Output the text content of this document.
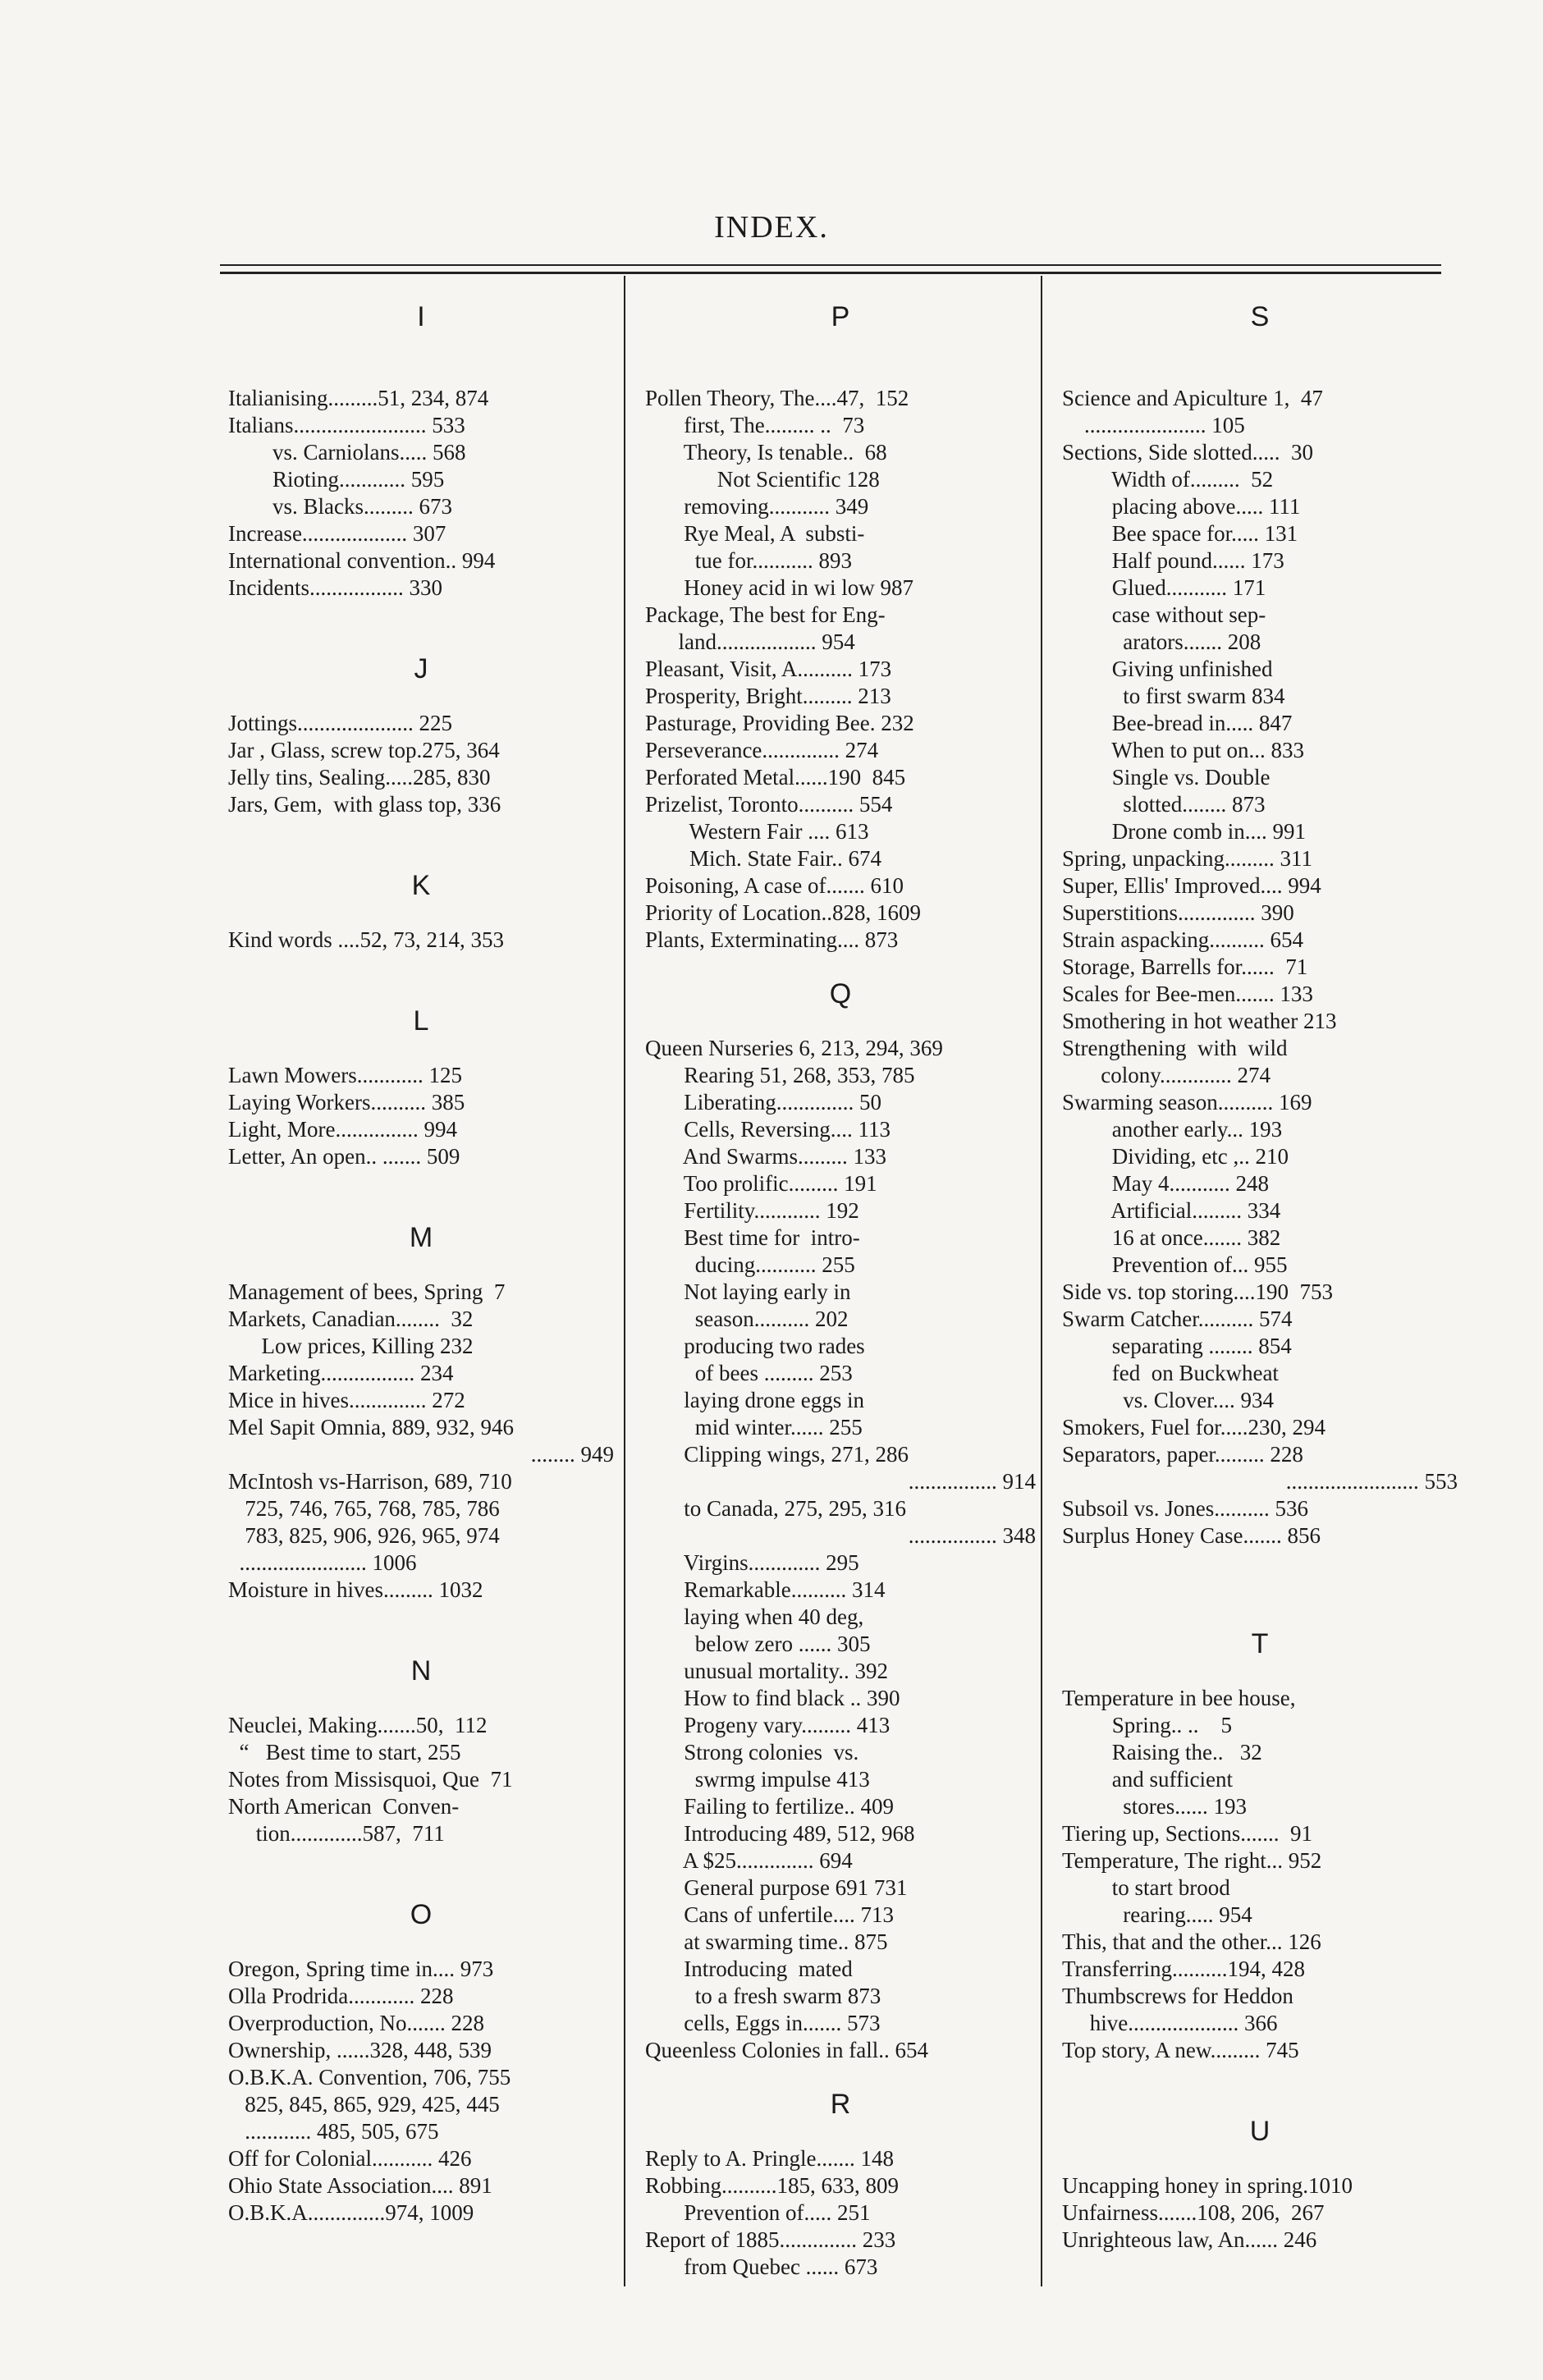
INDEX.
I
Italianising.........51, 234, 874
Italians........................ 533
vs. Carniolans..... 568
Rioting............ 595
vs. Blacks......... 673
Increase................... 307
International convention.. 994
Incidents................. 330
J
Jottings..................... 225
Jar , Glass, screw top.275, 364
Jelly tins, Sealing.....285, 830
Jars, Gem,  with glass top, 336
K
Kind words ....52, 73, 214, 353
L
Lawn Mowers............ 125
Laying Workers.......... 385
Light, More............... 994
Letter, An open.. ....... 509
M
Management of bees, Spring  7
Markets, Canadian........  32
Low prices, Killing 232
Marketing................. 234
Mice in hives.............. 272
Mel Sapit Omnia, 889, 932, 946
........ 949
McIntosh vs-Harrison, 689, 710
725, 746, 765, 768, 785, 786
783, 825, 906, 926, 965, 974
....................... 1006
Moisture in hives......... 1032
N
Neuclei, Making.......50,  112
“   Best time to start, 255
Notes from Missisquoi, Que  71
North American  Conven-
tion.............587,  711
O
Oregon, Spring time in.... 973
Olla Prodrida............ 228
Overproduction, No....... 228
Ownership, ......328, 448, 539
O.B.K.A. Convention, 706, 755
825, 845, 865, 929, 425, 445
............ 485, 505, 675
Off for Colonial........... 426
Ohio State Association.... 891
O.B.K.A..............974, 1009
P
Pollen Theory, The....47,  152
first, The......... ..  73
Theory, Is tenable..  68
Not Scientific 128
removing........... 349
Rye Meal, A  substi-
tue for........... 893
Honey acid in wi low 987
Package, The best for Eng-
land.................. 954
Pleasant, Visit, A.......... 173
Prosperity, Bright......... 213
Pasturage, Providing Bee. 232
Perseverance.............. 274
Perforated Metal......190  845
Prizelist, Toronto.......... 554
Western Fair .... 613
Mich. State Fair.. 674
Poisoning, A case of....... 610
Priority of Location..828, 1609
Plants, Exterminating.... 873
Q
Queen Nurseries 6, 213, 294, 369
Rearing 51, 268, 353, 785
Liberating.............. 50
Cells, Reversing.... 113
And Swarms......... 133
Too prolific......... 191
Fertility............ 192
Best time for  intro-
ducing........... 255
Not laying early in
season.......... 202
producing two rades
of bees ......... 253
laying drone eggs in
mid winter...... 255
Clipping wings, 271, 286
................ 914
to Canada, 275, 295, 316
................ 348
Virgins............. 295
Remarkable.......... 314
laying when 40 deg,
below zero ...... 305
unusual mortality.. 392
How to find black .. 390
Progeny vary......... 413
Strong colonies  vs.
swrmg impulse 413
Failing to fertilize.. 409
Introducing 489, 512, 968
A $25.............. 694
General purpose 691 731
Cans of unfertile.... 713
at swarming time.. 875
Introducing  mated
to a fresh swarm 873
cells, Eggs in....... 573
Queenless Colonies in fall.. 654
R
Reply to A. Pringle....... 148
Robbing..........185, 633, 809
Prevention of..... 251
Report of 1885.............. 233
from Quebec ...... 673
S
Science and Apiculture 1,  47
...................... 105
Sections, Side slotted.....  30
Width of.........  52
placing above..... 111
Bee space for..... 131
Half pound...... 173
Glued........... 171
case without sep-
arators....... 208
Giving unfinished
to first swarm 834
Bee-bread in..... 847
When to put on... 833
Single vs. Double
slotted........ 873
Drone comb in.... 991
Spring, unpacking......... 311
Super, Ellis' Improved.... 994
Superstitions.............. 390
Strain aspacking.......... 654
Storage, Barrells for......  71
Scales for Bee-men....... 133
Smothering in hot weather 213
Strengthening  with  wild
colony............. 274
Swarming season.......... 169
another early... 193
Dividing, etc ,.. 210
May 4........... 248
Artificial......... 334
16 at once....... 382
Prevention of... 955
Side vs. top storing....190  753
Swarm Catcher.......... 574
separating ........ 854
fed  on Buckwheat
vs. Clover.... 934
Smokers, Fuel for.....230, 294
Separators, paper......... 228
........................ 553
Subsoil vs. Jones.......... 536
Surplus Honey Case....... 856
T
Temperature in bee house,
Spring.. ..    5
Raising the..   32
and sufficient
stores...... 193
Tiering up, Sections.......  91
Temperature, The right... 952
to start brood
rearing..... 954
This, that and the other... 126
Transferring..........194, 428
Thumbscrews for Heddon
hive.................... 366
Top story, A new......... 745
U
Uncapping honey in spring.1010
Unfairness.......108, 206,  267
Unrighteous law, An...... 246
